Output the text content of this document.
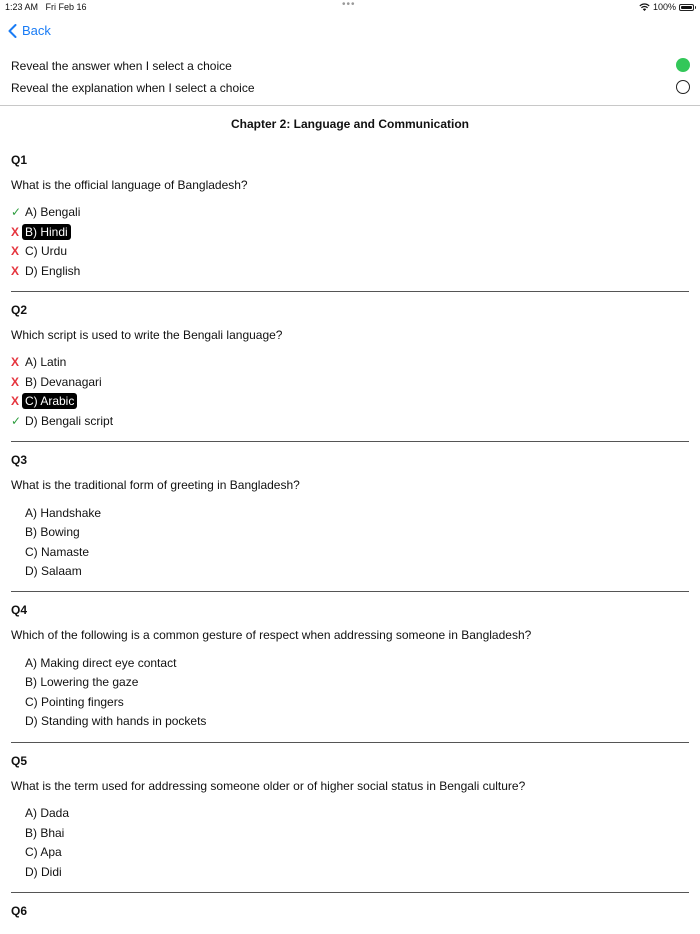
1:23 AM Fri Feb 16	•••	100%
Back
Reveal the answer when I select a choice
Reveal the explanation when I select a choice
Chapter 2: Language and Communication
Q1
What is the official language of Bangladesh?
✓ A) Bengali
X B) Hindi
X C) Urdu
X D) English
Q2
Which script is used to write the Bengali language?
X A) Latin
X B) Devanagari
X C) Arabic
✓ D) Bengali script
Q3
What is the traditional form of greeting in Bangladesh?
A) Handshake
B) Bowing
C) Namaste
D) Salaam
Q4
Which of the following is a common gesture of respect when addressing someone in Bangladesh?
A) Making direct eye contact
B) Lowering the gaze
C) Pointing fingers
D) Standing with hands in pockets
Q5
What is the term used for addressing someone older or of higher social status in Bengali culture?
A) Dada
B) Bhai
C) Apa
D) Didi
Q6
